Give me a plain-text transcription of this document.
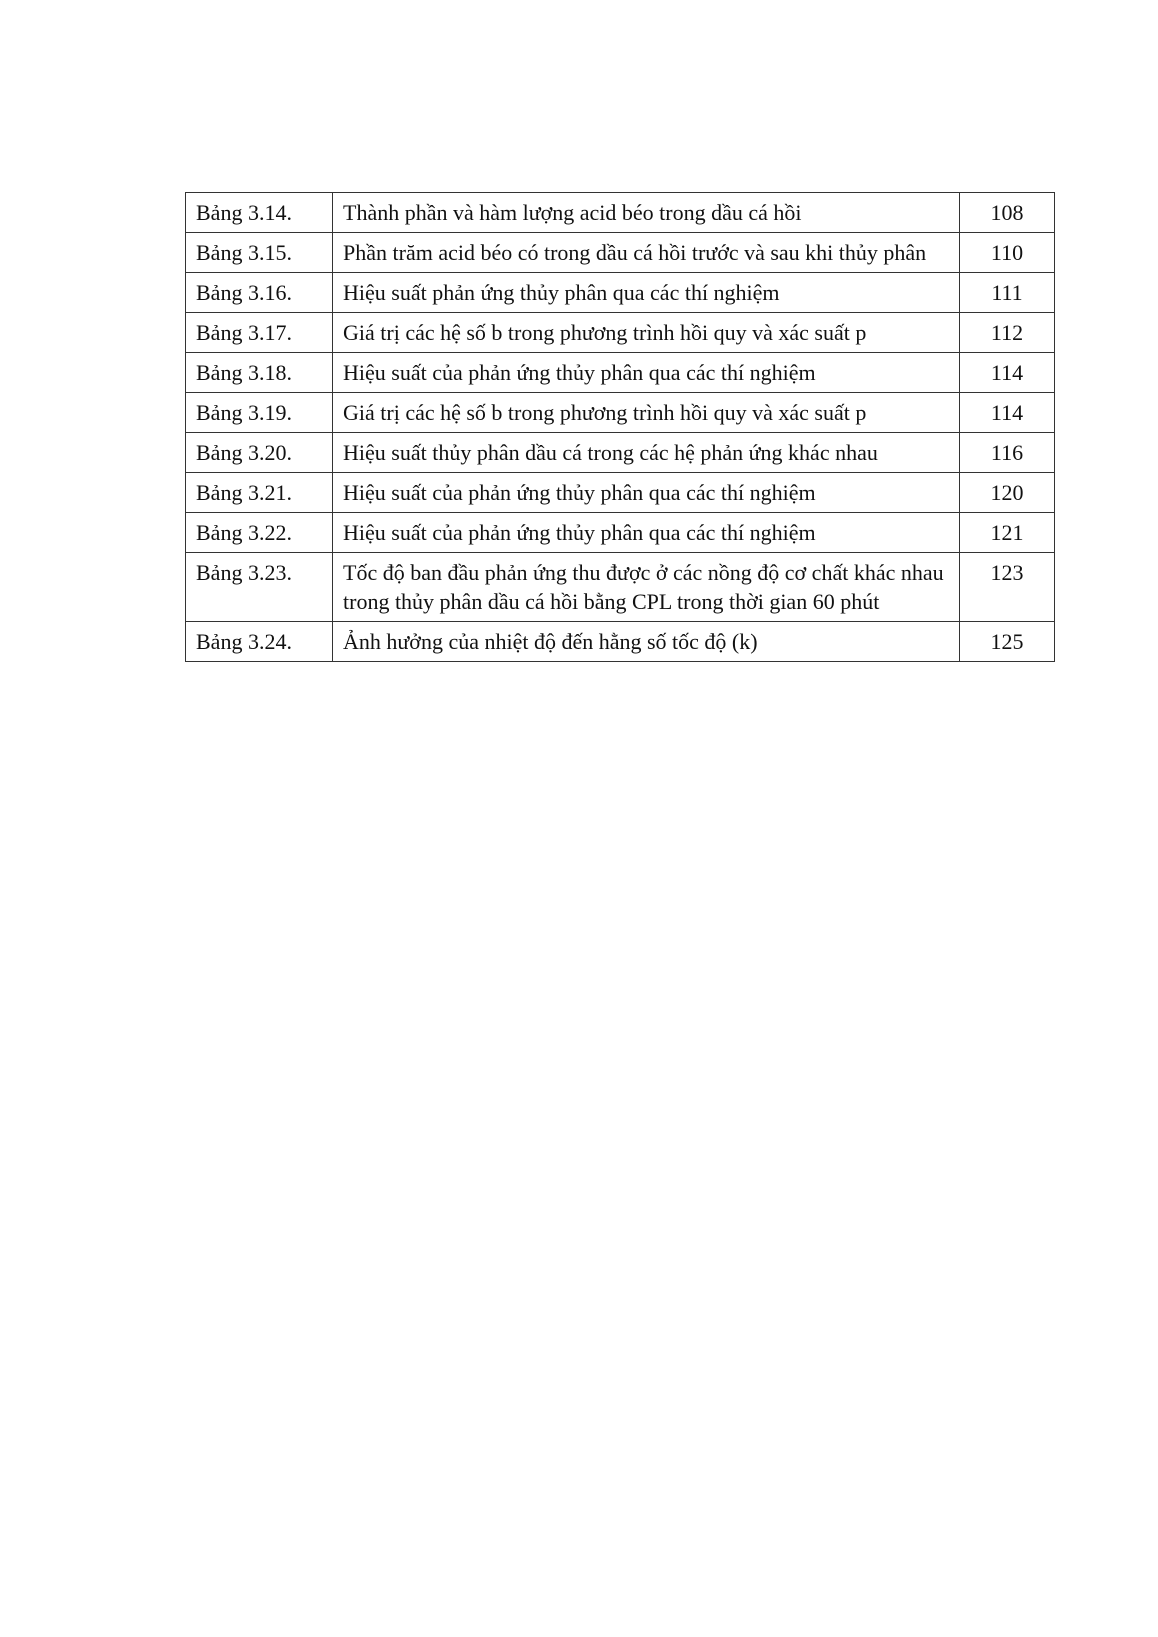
Bảng 3.14.	Thành phần và hàm lượng acid béo trong dầu cá hồi	108
Bảng 3.15.	Phần trăm acid béo có trong dầu cá hồi trước và sau khi thủy phân	110
Bảng 3.16.	Hiệu suất phản ứng thủy phân qua các thí nghiệm	111
Bảng 3.17.	Giá trị các hệ số b trong phương trình hồi quy và xác suất p	112
Bảng 3.18.	Hiệu suất của phản ứng thủy phân qua các thí nghiệm	114
Bảng 3.19.	Giá trị các hệ số b trong phương trình hồi quy và xác suất p	114
Bảng 3.20.	Hiệu suất thủy phân dầu cá trong các hệ phản ứng khác nhau	116
Bảng 3.21.	Hiệu suất của phản ứng thủy phân qua các thí nghiệm	120
Bảng 3.22.	Hiệu suất của phản ứng thủy phân qua các thí nghiệm	121
Bảng 3.23.	Tốc độ ban đầu phản ứng thu được ở các nồng độ cơ chất khác nhau trong thủy phân dầu cá hồi bằng CPL trong thời gian 60 phút	123
Bảng 3.24.	Ảnh hưởng của nhiệt độ đến hằng số tốc độ (k)	125
